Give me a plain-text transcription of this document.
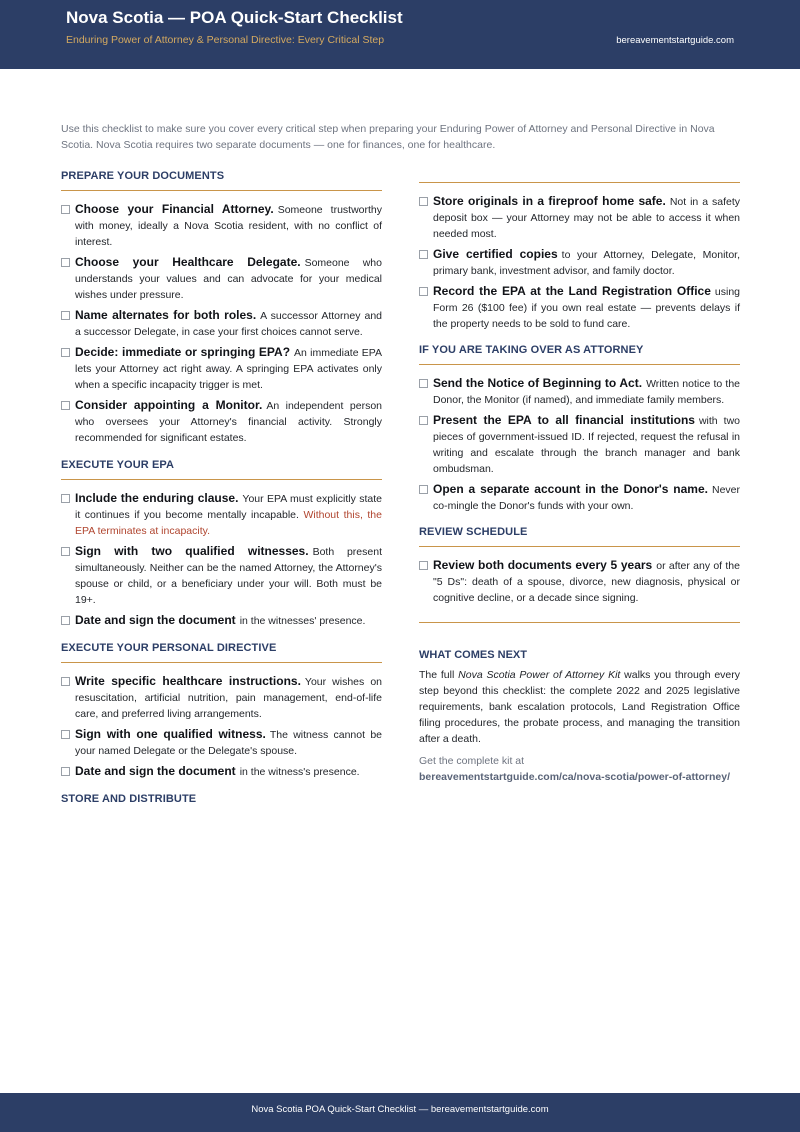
Nova Scotia — POA Quick-Start Checklist
Enduring Power of Attorney & Personal Directive: Every Critical Step	bereavementstartguide.com

Use this checklist to make sure you cover every critical step when preparing your Enduring Power of Attorney and Personal Directive in Nova Scotia. Nova Scotia requires two separate documents — one for finances, one for healthcare.

PREPARE YOUR DOCUMENTS
Choose your Financial Attorney. Someone trustworthy with money, ideally a Nova Scotia resident, with no conflict of interest.
Choose your Healthcare Delegate. Someone who understands your values and can advocate for your medical wishes under pressure.
Name alternates for both roles. A successor Attorney and a successor Delegate, in case your first choices cannot serve.
Decide: immediate or springing EPA? An immediate EPA lets your Attorney act right away. A springing EPA activates only when a specific incapacity trigger is met.
Consider appointing a Monitor. An independent person who oversees your Attorney's financial activity. Strongly recommended for significant estates.
EXECUTE YOUR EPA
Include the enduring clause. Your EPA must explicitly state it continues if you become mentally incapable. Without this, the EPA terminates at incapacity.
Sign with two qualified witnesses. Both present simultaneously. Neither can be the named Attorney, the Attorney's spouse or child, or a beneficiary under your will. Both must be 19+.
Date and sign the document in the witnesses' presence.
EXECUTE YOUR PERSONAL DIRECTIVE
Write specific healthcare instructions. Your wishes on resuscitation, artificial nutrition, pain management, end-of-life care, and preferred living arrangements.
Sign with one qualified witness. The witness cannot be your named Delegate or the Delegate's spouse.
Date and sign the document in the witness's presence.
STORE AND DISTRIBUTE
Store originals in a fireproof home safe. Not in a safety deposit box — your Attorney may not be able to access it when needed most.
Give certified copies to your Attorney, Delegate, Monitor, primary bank, investment advisor, and family doctor.
Record the EPA at the Land Registration Office using Form 26 ($100 fee) if you own real estate — prevents delays if the property needs to be sold to fund care.
IF YOU ARE TAKING OVER AS ATTORNEY
Send the Notice of Beginning to Act. Written notice to the Donor, the Monitor (if named), and immediate family members.
Present the EPA to all financial institutions with two pieces of government-issued ID. If rejected, request the refusal in writing and escalate through the branch manager and bank ombudsman.
Open a separate account in the Donor's name. Never co-mingle the Donor's funds with your own.
REVIEW SCHEDULE
Review both documents every 5 years or after any of the "5 Ds": death of a spouse, divorce, new diagnosis, physical or cognitive decline, or a decade since signing.
WHAT COMES NEXT

The full Nova Scotia Power of Attorney Kit walks you through every step beyond this checklist: the complete 2022 and 2025 legislative requirements, bank escalation protocols, Land Registration Office filing procedures, the probate process, and managing the transition after a death.

Get the complete kit at
bereavementstartguide.com/ca/nova-scotia/power-of-attorney/
Nova Scotia POA Quick-Start Checklist — bereavementstartguide.com
